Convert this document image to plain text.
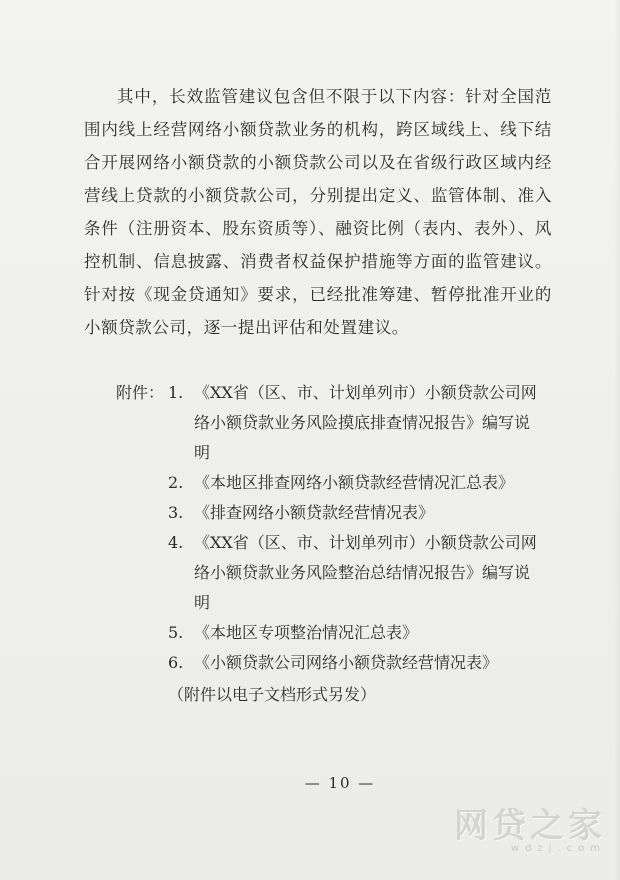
其中，长效监管建议包含但不限于以下内容：针对全国范围内线上经营网络小额贷款业务的机构，跨区域线上、线下结合开展网络小额贷款的小额贷款公司以及在省级行政区域内经营线上贷款的小额贷款公司，分别提出定义、监管体制、准入条件（注册资本、股东资质等）、融资比例（表内、表外）、风控机制、信息披露、消费者权益保护措施等方面的监管建议。针对按《现金贷通知》要求，已经批准筹建、暂停批准开业的小额贷款公司，逐一提出评估和处置建议。

附件： 1. 《XX省（区、市、计划单列市）小额贷款公司网络小额贷款业务风险摸底排查情况报告》编写说明
2. 《本地区排查网络小额贷款经营情况汇总表》
3. 《排查网络小额贷款经营情况表》
4. 《XX省（区、市、计划单列市）小额贷款公司网络小额贷款业务风险整治总结情况报告》编写说明
5. 《本地区专项整治情况汇总表》
6. 《小额贷款公司网络小额贷款经营情况表》
（附件以电子文档形式另发）
— 10 —
网贷之家
wdzj.com
